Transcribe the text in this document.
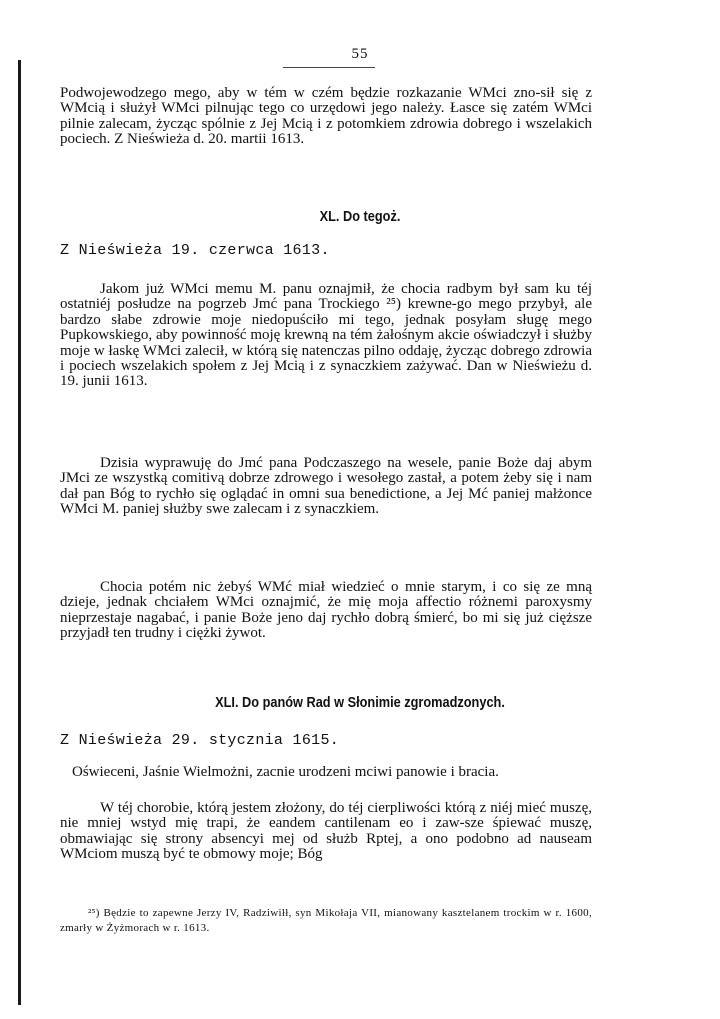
55

Podwojewodzego mego, aby w tém w czém będzie rozkazanie WMci zno-sił się z WMcią i służył WMci pilnując tego co urzędowi jego należy. Łasce się zatém WMci pilnie zalecam, życząc spólnie z Jej Mcią i z potomkiem zdrowia dobrego i wszelakich pociech. Z Nieświeża d. 20. martii 1613.

XL. Do tegoż.

Z Nieświeża 19. czerwca 1613.

Jakom już WMci memu M. panu oznajmił, że chocia radbym był sam ku téj ostatniéj posłudze na pogrzeb Jmć pana Trockiego ²⁵) krewne-go mego przybył, ale bardzo słabe zdrowie moje niedopuściło mi tego, jednak posyłam sługę mego Pupkowskiego, aby powinność moję krewną na tém żałośnym akcie oświadczył i służby moje w łaskę WMci zalecił, w którą się natenczas pilno oddaję, życząc dobrego zdrowia i pociech wszelakich społem z Jej Mcią i z synaczkiem zażywać. Dan w Nieświeżu d. 19. junii 1613.

Dzisia wyprawuję do Jmć pana Podczaszego na wesele, panie Boże daj abym JMci ze wszystką comitivą dobrze zdrowego i wesołego zastał, a potem żeby się i nam dał pan Bóg to rychło się oglądać in omni sua benedictione, a Jej Mć paniej małżonce WMci M. paniej służby swe zalecam i z synaczkiem.

Chocia potém nic żebyś WMć miał wiedzieć o mnie starym, i co się ze mną dzieje, jednak chciałem WMci oznajmić, że mię moja affectio różnemi paroxysmy nieprzestaje nagabać, i panie Boże jeno daj rychło dobrą śmierć, bo mi się już cięższe przyjadł ten trudny i ciężki żywot.

XLI. Do panów Rad w Słonimie zgromadzonych.

Z Nieświeża 29. stycznia 1615.

Oświeceni, Jaśnie Wielmożni, zacnie urodzeni mciwi panowie i bracia.

W téj chorobie, którą jestem złożony, do téj cierpliwości którą z niéj mieć muszę, nie mniej wstyd mię trapi, że eandem cantilenam eo i zaw-sze śpiewać muszę, obmawiając się strony absencyi mej od służb Rptej, a ono podobno ad nauseam WMciom muszą być te obmowy moje; Bóg

²⁵) Będzie to zapewne Jerzy IV, Radziwiłł, syn Mikołaja VII, mianowany kasztelanem trockim w r. 1600, zmarły w Żyżmorach w r. 1613.
